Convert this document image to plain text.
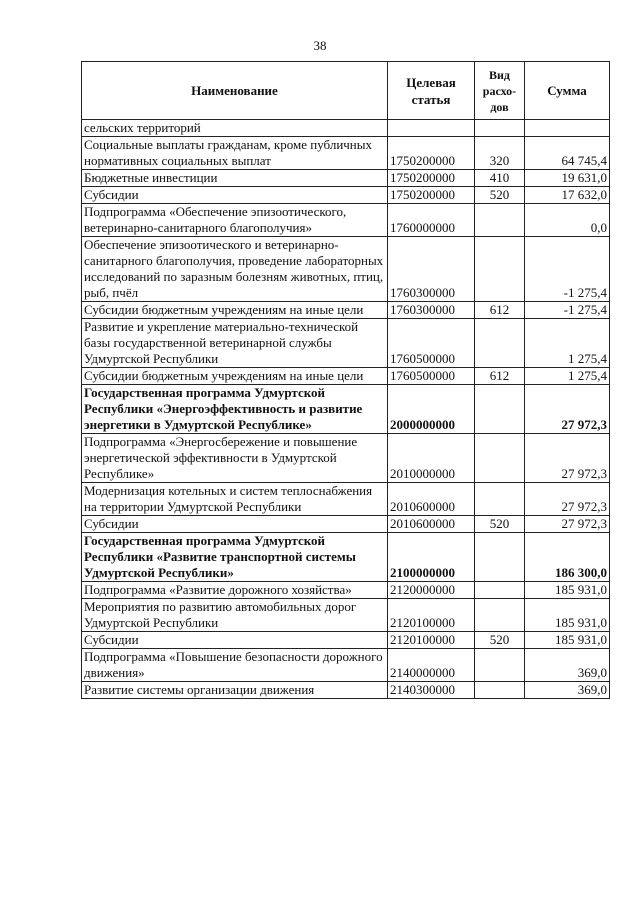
38
Наименование	Целевая статья	Вид расхо-дов	Сумма
сельских территорий			
Социальные выплаты гражданам, кроме публичных нормативных социальных выплат	1750200000	320	64 745,4
Бюджетные инвестиции	1750200000	410	19 631,0
Субсидии	1750200000	520	17 632,0
Подпрограмма «Обеспечение эпизоотического, ветеринарно-санитарного благополучия»	1760000000		0,0
Обеспечение эпизоотического и ветеринарно-санитарного благополучия, проведение лабораторных исследований по заразным болезням животных, птиц, рыб, пчёл	1760300000		-1 275,4
Субсидии бюджетным учреждениям на иные цели	1760300000	612	-1 275,4
Развитие и укрепление материально-технической базы государственной ветеринарной службы Удмуртской Республики	1760500000		1 275,4
Субсидии бюджетным учреждениям на иные цели	1760500000	612	1 275,4
Государственная программа Удмуртской Республики «Энергоэффективность и развитие энергетики в Удмуртской Республике»	2000000000		27 972,3
Подпрограмма «Энергосбережение и повышение энергетической эффективности в Удмуртской Республике»	2010000000		27 972,3
Модернизация котельных и систем теплоснабжения на территории Удмуртской Республики	2010600000		27 972,3
Субсидии	2010600000	520	27 972,3
Государственная программа Удмуртской Республики «Развитие транспортной системы Удмуртской Республики»	2100000000		186 300,0
Подпрограмма «Развитие дорожного хозяйства»	2120000000		185 931,0
Мероприятия по развитию автомобильных дорог Удмуртской Республики	2120100000		185 931,0
Субсидии	2120100000	520	185 931,0
Подпрограмма «Повышение безопасности дорожного движения»	2140000000		369,0
Развитие системы организации движения	2140300000		369,0
